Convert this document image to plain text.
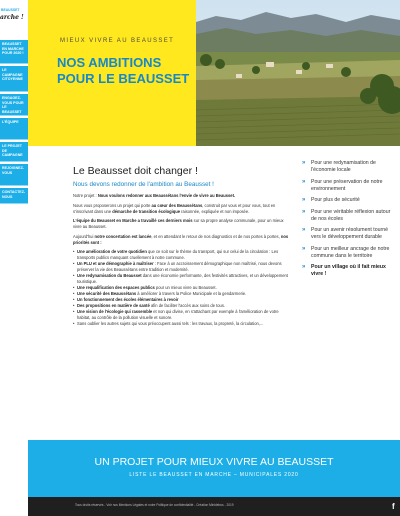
BEAUSSET
arche !
BEAUSSET EN MARCHE POUR 2020 !
LE CAMPAGNE CITOYENNE
ENGAGEZ-VOUS POUR LE BEAUSSET
L'ÉQUIPE
LE PROJET DE CAMPAGNE
REJOIGNEZ-VOUS
CONTACTEZ-NOUS
MIEUX VIVRE AU BEAUSSET
NOS AMBITIONS
POUR LE BEAUSSET
Le Beausset doit changer !
Nous devons redonner de l'ambition au Beausset !

Notre projet : Nous voulons redonner aux Beaussétans l'envie de vivre au Beausset.

Nous vous proposerons un projet qui porte au cœur des Beaussétans, construit par vous et pour vous, tout en s'inscrivant dans une démarche de transition écologique raisonnée, expliquée et non imposée.

L'équipe du Beausset en Marche a travaillé ces derniers mois sur sa propre analyse communale, pour un mieux vivre au Beausset.

Aujourd'hui notre concertation est lancée, et en attendant le retour de nos diagnostics et de nos portes à portes, nos priorités sont :

• Une amélioration de votre quotidien que ce soit sur le thème du transport, qui sur celui de la circulation : Les transports publics manquant cruellement à notre commune.
• Un PLU et une démographie à maîtriser : Face à un accroissement démographique non maîtrisé, nous devons préserver la vie des Beaussétans entre tradition et modernité.
• Une redynamisation du Beausset dans une économie performante, des festivités attractives, et un développement touristique.
• Une requalification des espaces publics pour un mieux vivre au Beausset.
• Une sécurité des Beaussétans à améliorer à travers la Police Municipale et la gendarmerie.
• Un fonctionnement des écoles élémentaires à revoir
• Des propositions en matière de santé afin de faciliter l'accès aux soins de tous.
• Une vision de l'écologie qui rassemble et non qui divise, en s'attachant par exemple à l'amélioration de votre habitat, au contrôle de la pollution visuelle et sonore.
• Sans oublier les autres sujets qui vous préoccupent aussi tels : les travaux, la propreté, la circulation,...
» Pour une redynamisation de l'économie locale
» Pour une préservation de notre environnement
» Pour plus de sécurité
» Pour une véritable réflexion autour de nos écoles
» Pour un avenir résolument tourné vers le développement durable
» Pour un meilleur ancrage de notre commune dans le territoire
» Pour un village où il fait mieux vivre !
UN PROJET POUR MIEUX VIVRE AU BEAUSSET
LISTE LE BEAUSSET EN MARCHE – MUNICIPALES 2020
Tous droits réservés - Voir nos Mentions Légales et notre Politique de confidentialité - Création Minidebus - 2019	f
